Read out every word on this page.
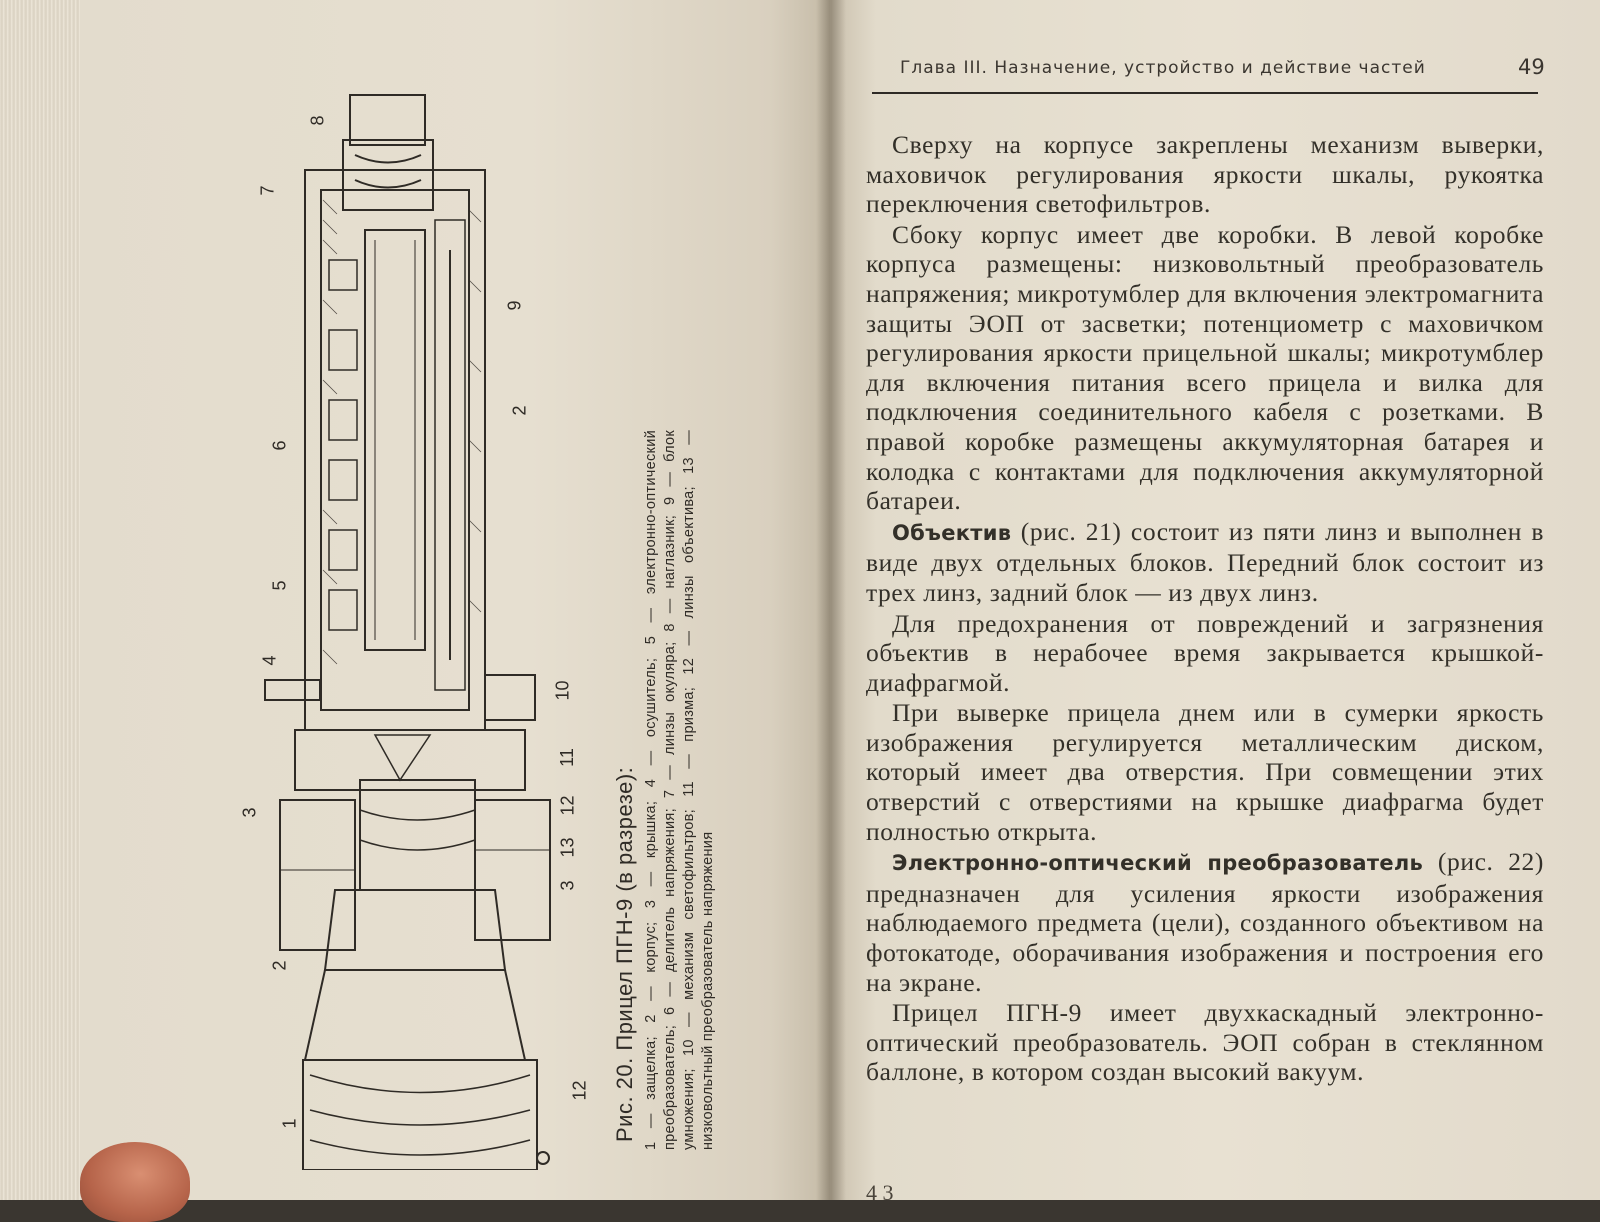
8
7
9
2
6
5
4
10
11
12
3
13
3
2
12
1	Рис. 20. Прицел ПГН-9 (в разрезе): 1 — защелка; 2 — корпус; 3 — крышка; 4 — осушитель; 5 — электронно-оптический преобразователь; 6 — делитель напряжения; 7 — линзы окуляра; 8 — наглазник; 9 — блок умножения; 10 — механизм светофильтров; 11 — призма; 12 — линзы объектива; 13 — низковольтный преобразователь напряжения

Глава III. Назначение, устройство и действие частей	49

Сверху на корпусе закреплены механизм выверки, маховичок регулирования яркости шкалы, рукоятка переключения светофильтров.

Сбоку корпус имеет две коробки. В левой коробке корпуса размещены: низковольтный преобразователь напряжения; микротумблер для включения электромагнита защиты ЭОП от засветки; потенциометр с маховичком регулирования яркости прицельной шкалы; микротумблер для включения питания всего прицела и вилка для подключения соединительного кабеля с розетками. В правой коробке размещены аккумуляторная батарея и колодка с контактами для подключения аккумуляторной батареи.

Объектив (рис. 21) состоит из пяти линз и выполнен в виде двух отдельных блоков. Передний блок состоит из трех линз, задний блок — из двух линз.

Для предохранения от повреждений и загрязнения объектив в нерабочее время закрывается крышкой-диафрагмой.

При выверке прицела днем или в сумерки яркость изображения регулируется металлическим диском, который имеет два отверстия. При совмещении этих отверстий с отверстиями на крышке диафрагма будет полностью открыта.

Электронно-оптический преобразователь (рис. 22) предназначен для усиления яркости изображения наблюдаемого предмета (цели), созданного объективом на фотокатоде, оборачивания изображения и построения его на экране.

Прицел ПГН-9 имеет двухкаскадный электронно-оптический преобразователь. ЭОП собран в стеклянном баллоне, в котором создан высокий вакуум.

4 3
